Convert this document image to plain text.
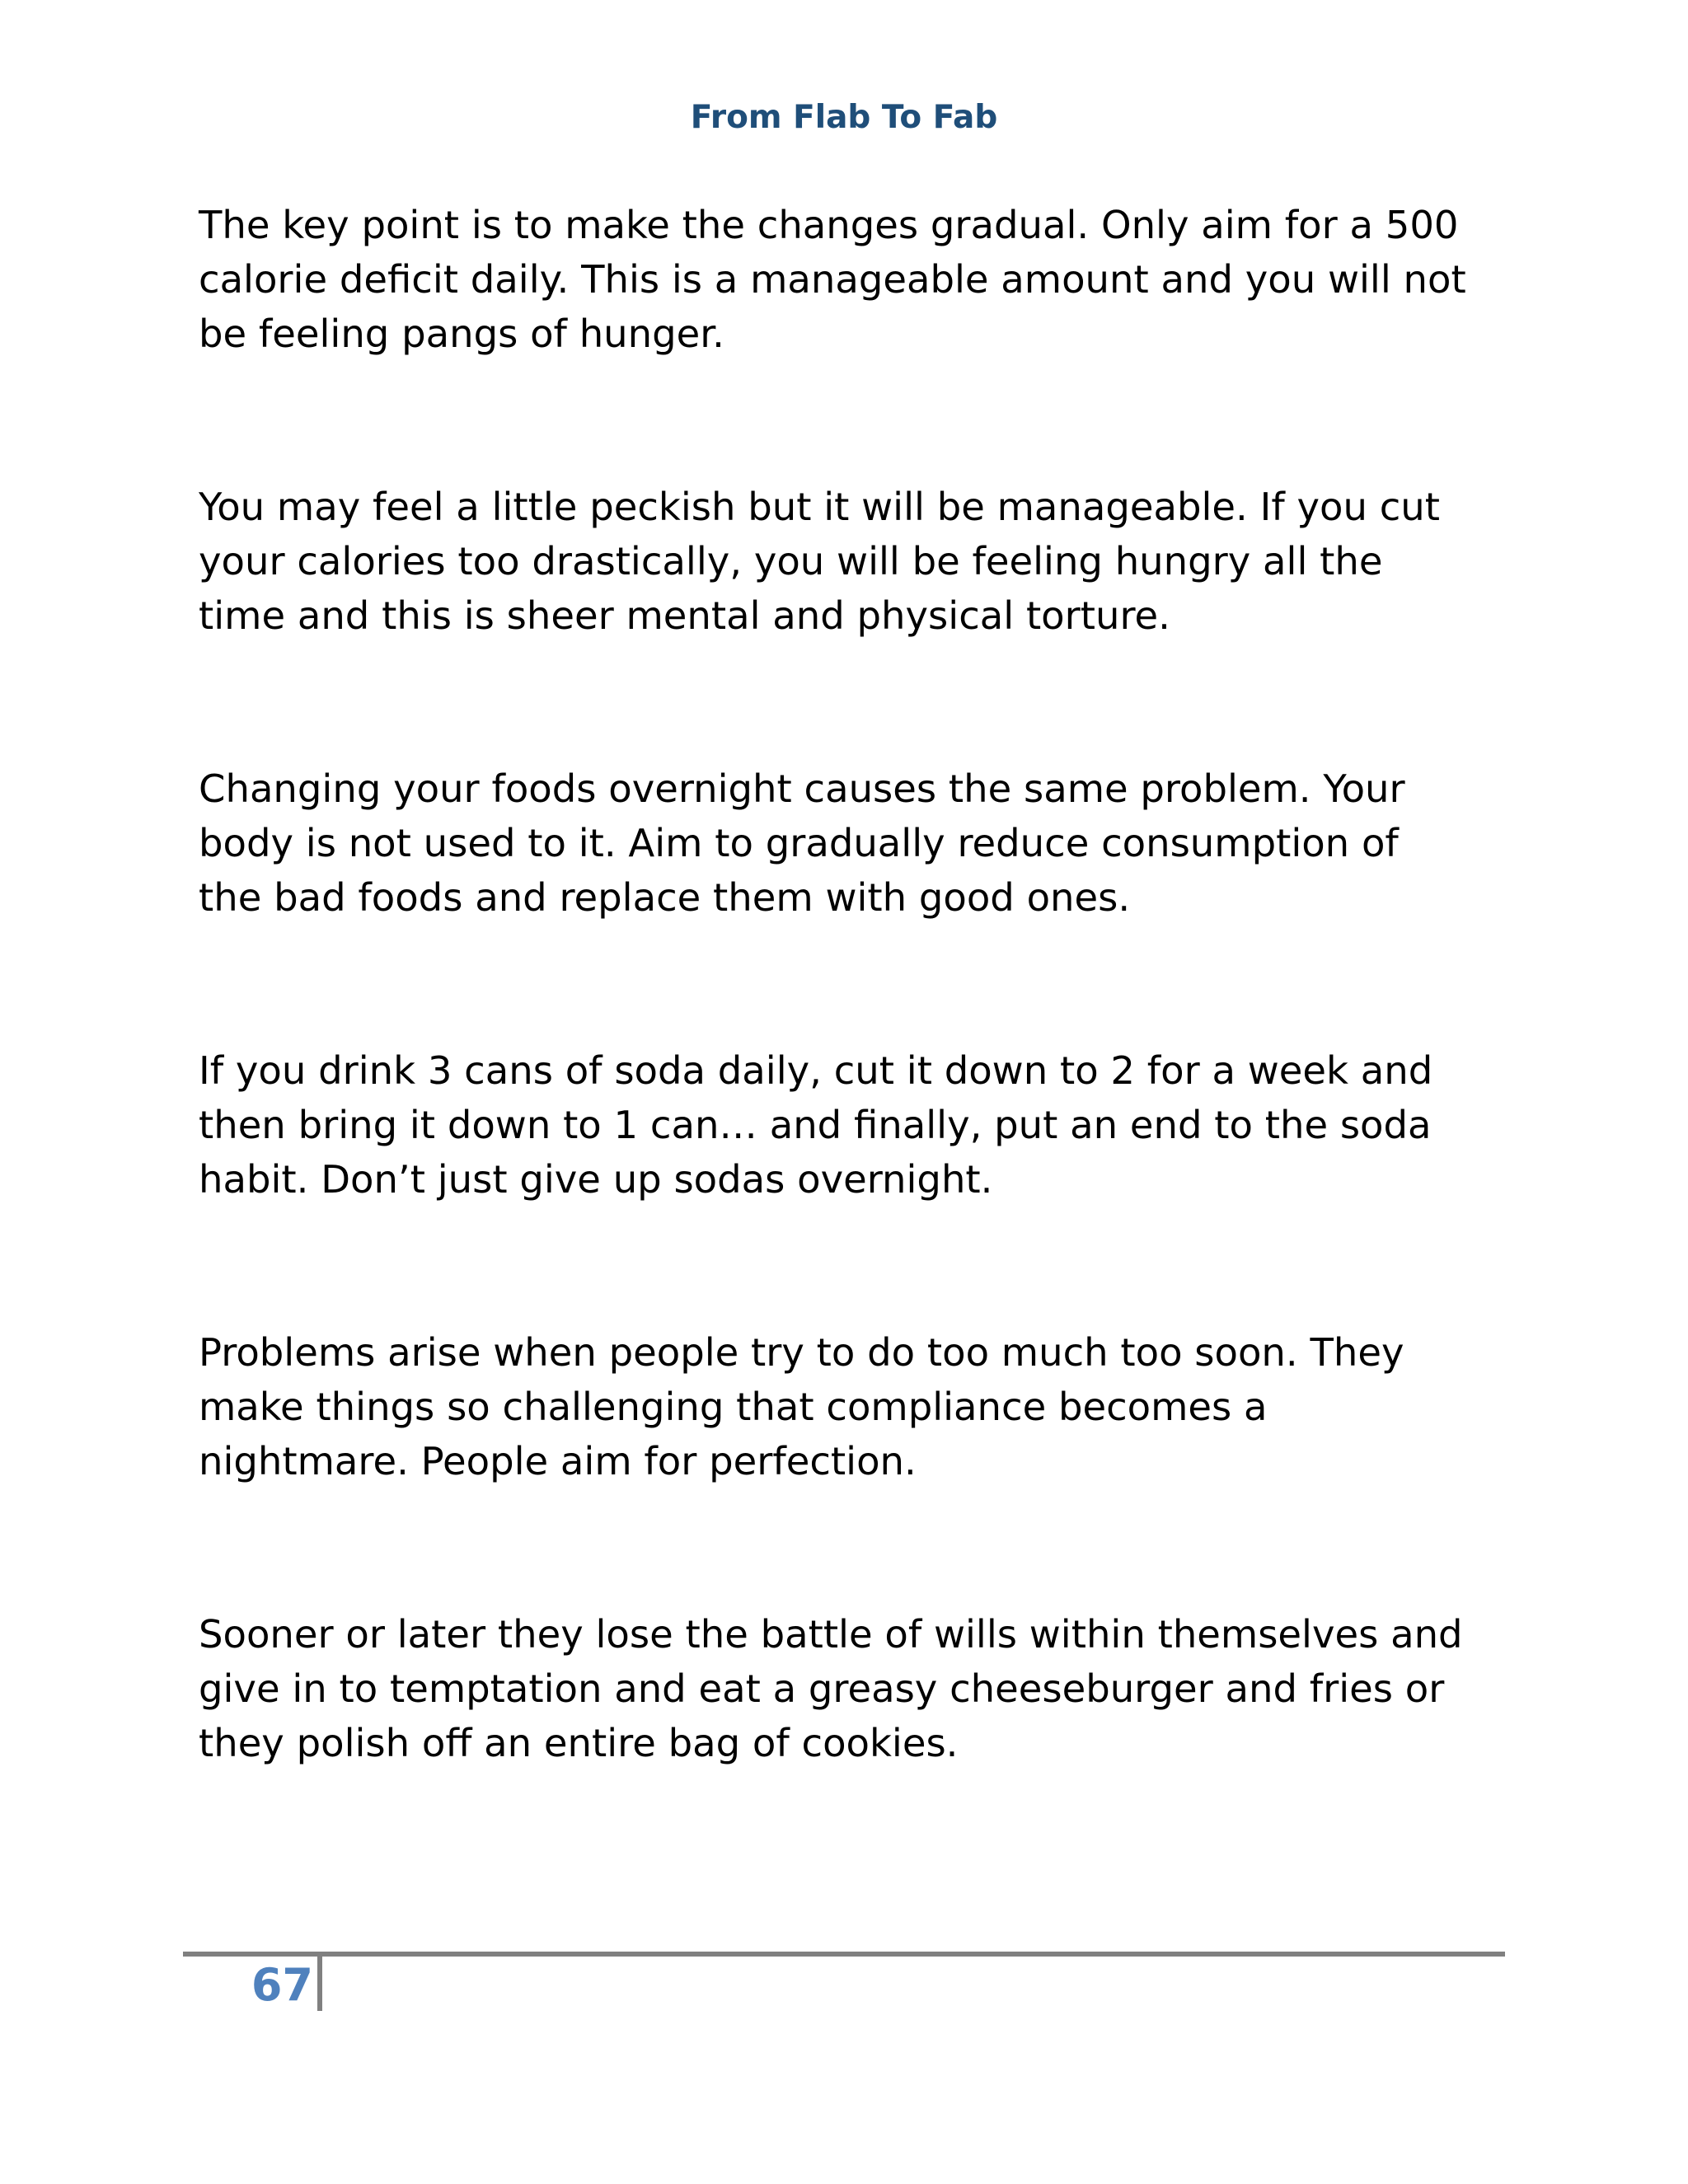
From Flab To Fab

The key point is to make the changes gradual. Only aim for a 500
calorie deficit daily. This is a manageable amount and you will not
be feeling pangs of hunger.

You may feel a little peckish but it will be manageable. If you cut
your calories too drastically, you will be feeling hungry all the
time and this is sheer mental and physical torture.

Changing your foods overnight causes the same problem. Your
body is not used to it. Aim to gradually reduce consumption of
the bad foods and replace them with good ones.

If you drink 3 cans of soda daily, cut it down to 2 for a week and
then bring it down to 1 can… and finally, put an end to the soda
habit. Don’t just give up sodas overnight.

Problems arise when people try to do too much too soon. They
make things so challenging that compliance becomes a
nightmare. People aim for perfection.

Sooner or later they lose the battle of wills within themselves and
give in to temptation and eat a greasy cheeseburger and fries or
they polish off an entire bag of cookies.

67
